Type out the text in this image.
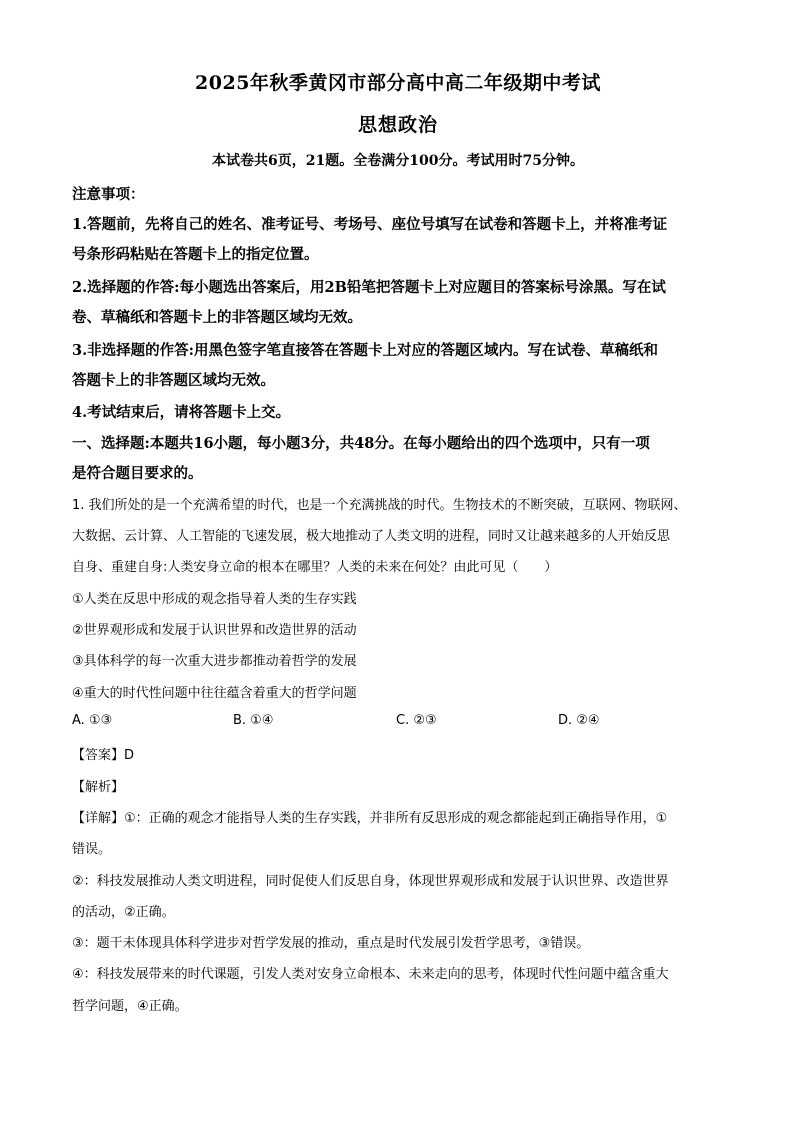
2025年秋季黄冈市部分高中高二年级期中考试
思想政治
本试卷共6页，21题。全卷满分100分。考试用时75分钟。
注意事项：
1.答题前，先将自己的姓名、准考证号、考场号、座位号填写在试卷和答题卡上，并将准考证
号条形码粘贴在答题卡上的指定位置。
2.选择题的作答:每小题选出答案后，用2B铅笔把答题卡上对应题目的答案标号涂黑。写在试
卷、草稿纸和答题卡上的非答题区域均无效。
3.非选择题的作答:用黑色签字笔直接答在答题卡上对应的答题区域内。写在试卷、草稿纸和
答题卡上的非答题区域均无效。
4.考试结束后，请将答题卡上交。
一、选择题:本题共16小题，每小题3分，共48分。在每小题给出的四个选项中，只有一项
是符合题目要求的。
1. 我们所处的是一个充满希望的时代，也是一个充满挑战的时代。生物技术的不断突破，互联网、物联网、
大数据、云计算、人工智能的飞速发展，极大地推动了人类文明的进程，同时又让越来越多的人开始反思
自身、重建自身:人类安身立命的根本在哪里？人类的未来在何处？由此可见（　　）
①人类在反思中形成的观念指导着人类的生存实践
②世界观形成和发展于认识世界和改造世界的活动
③具体科学的每一次重大进步都推动着哲学的发展
④重大的时代性问题中往往蕴含着重大的哲学问题
A. ①③	B. ①④	C. ②③	D. ②④
【答案】D
【解析】
【详解】①：正确的观念才能指导人类的生存实践，并非所有反思形成的观念都能起到正确指导作用，①
错误。
②：科技发展推动人类文明进程，同时促使人们反思自身，体现世界观形成和发展于认识世界、改造世界
的活动，②正确。
③：题干未体现具体科学进步对哲学发展的推动，重点是时代发展引发哲学思考，③错误。
④：科技发展带来的时代课题，引发人类对安身立命根本、未来走向的思考，体现时代性问题中蕴含重大
哲学问题，④正确。
